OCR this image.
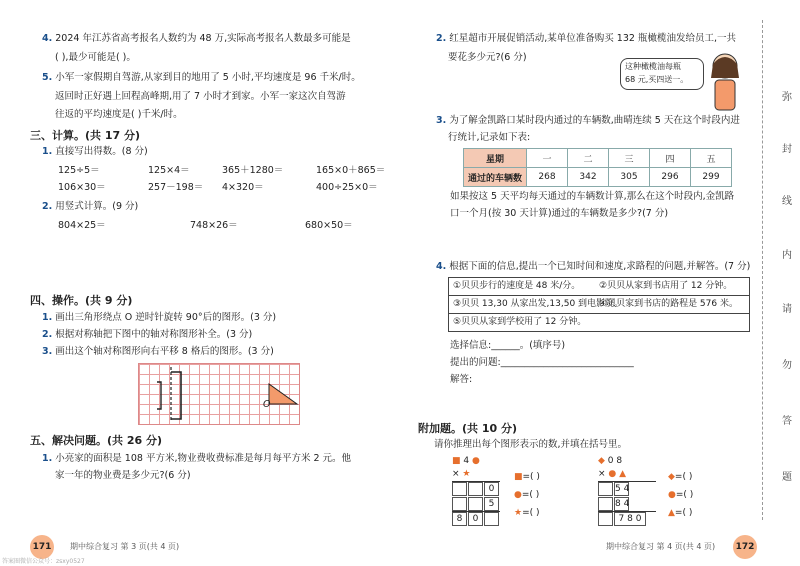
4. 2024 年江苏省高考报名人数约为 48 万,实际高考报名人数最多可能是
( ),最少可能是( )。
5. 小军一家假期自驾游,从家到目的地用了 5 小时,平均速度是 96 千米/时。
返回时正好遇上回程高峰期,用了 7 小时才到家。小军一家这次自驾游
往返的平均速度是( )千米/时。
三、计算。(共 17 分)
1. 直接写出得数。(8 分)
125÷5＝	125×4＝	365＋1280＝	165×0＋865＝
106×30＝	257－198＝ 4×320＝	400÷25×0＝
2. 用竖式计算。(9 分)
804×25＝	748×26＝	680×50＝
四、操作。(共 9 分)
1. 画出三角形绕点 O 逆时针旋转 90°后的图形。(3 分)
2. 根据对称轴把下图中的轴对称图形补全。(3 分)
3. 画出这个轴对称图形向右平移 8 格后的图形。(3 分)
O
五、解决问题。(共 26 分)
1. 小亮家的面积是 108 平方米,物业费收费标准是每月每平方米 2 元。他
家一年的物业费是多少元?(6 分)
171	期中综合复习 第 3 页(共 4 页)
答案圈微信公众号：zsxy0527
2. 红星超市开展促销活动,某单位准备购买 132 瓶橄榄油发给员工,一共
要花多少元?(6 分)
这种橄榄油每瓶
68 元,买四送一。
3. 为了解金凯路口某时段内通过的车辆数,曲晴连续 5 天在这个时段内进
行统计,记录如下表:
星期	一	二	三	四	五
通过的车辆数	268	342	305	296	299
如果按这 5 天平均每天通过的车辆数计算,那么在这个时段内,金凯路
口一个月(按 30 天计算)通过的车辆数是多少?(7 分)
4. 根据下面的信息,提出一个已知时间和速度,求路程的问题,并解答。(7 分)
①贝贝步行的速度是 48 米/分。 ②贝贝从家到书店用了 12 分钟。
③贝贝 13,30 从家出发,13,50 到电影院。
④贝贝家到书店的路程是 576 米。
⑤贝贝从家到学校用了 12 分钟。
选择信息:______。(填序号)
提出的问题:____________________________
解答:
附加题。(共 10 分)
请你推理出每个图形表示的数,并填在括号里。
■ 4 ●
× ★
0
5
8 0
■=( )
●=( )
★=( )
◆ 0 8
× ● ▲
5 4
8 4
7 8 0
◆=( )
●=( )
▲=( )
期中综合复习 第 4 页(共 4 页) 172
弥
封
线
内
请
勿
答
题
